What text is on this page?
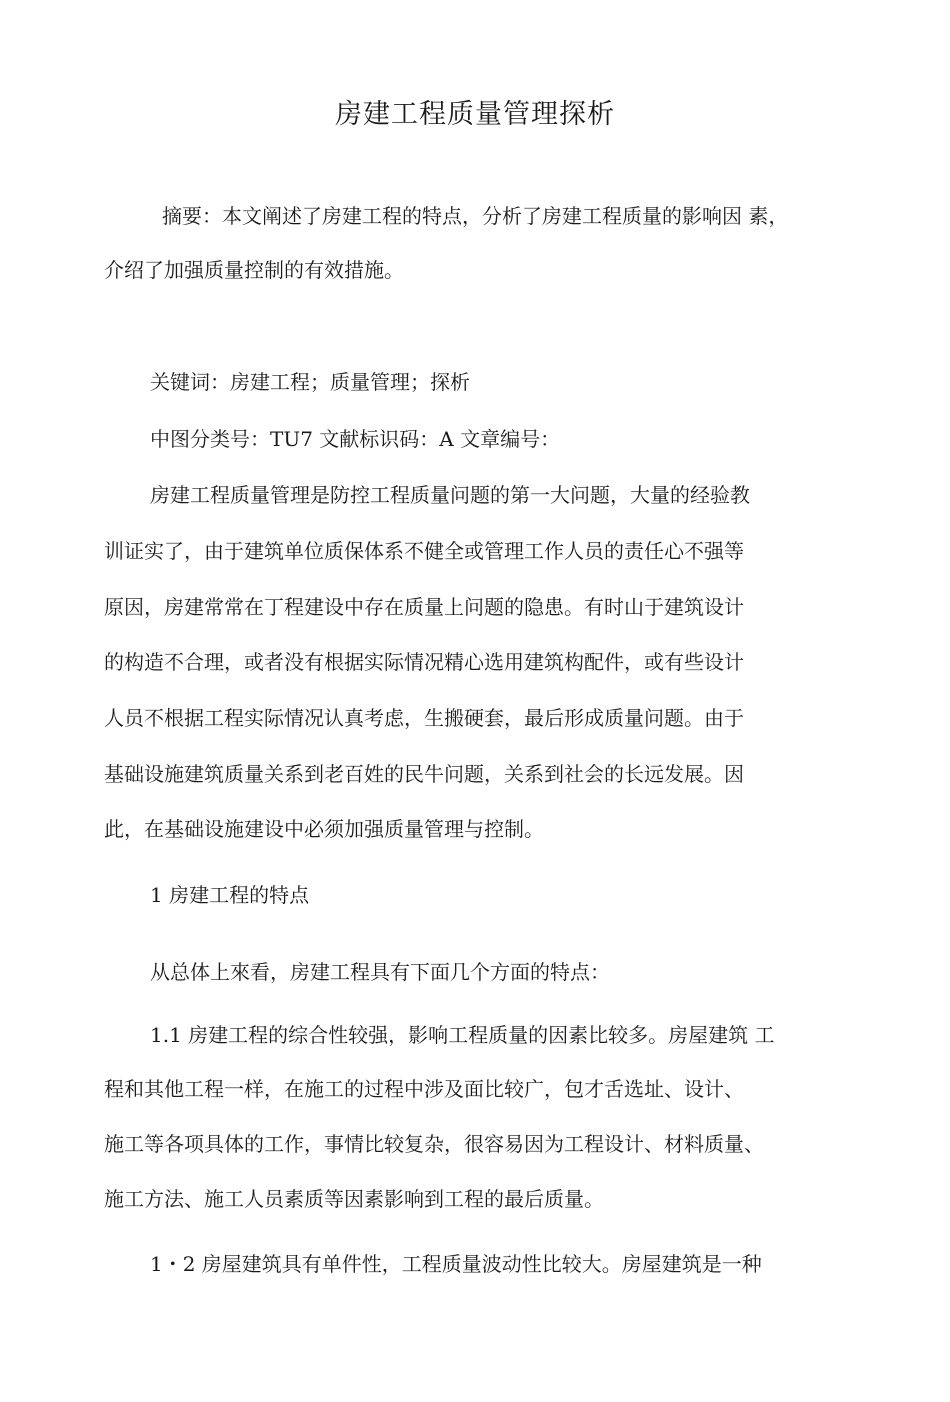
房建工程质量管理探析
摘要：本文阐述了房建工程的特点，分析了房建工程质量的影响因 素，
介绍了加强质量控制的有效措施。
关键词：房建工程；质量管理；探析
中图分类号：TU7 文献标识码：A 文章编号：
房建工程质量管理是防控工程质量问题的第一大问题，大量的经验教
训证实了，由于建筑单位质保体系不健全或管理工作人员的责任心不强等
原因，房建常常在丁程建设中存在质量上问题的隐患。有时山于建筑设计
的构造不合理，或者没有根据实际情况精心选用建筑构配件，或有些设计
人员不根据工程实际情况认真考虑，生搬硬套，最后形成质量问题。由于
基础设施建筑质量关系到老百姓的民牛问题，关系到社会的长远发展。因
此，在基础设施建设中必须加强质量管理与控制。
1 房建工程的特点
从总体上來看，房建工程具有下面几个方面的特点：
1.1 房建工程的综合性较强，影响工程质量的因素比较多。房屋建筑 工
程和其他工程一样，在施工的过程中涉及面比较广，包才舌选址、设计、
施工等各项具体的工作，事情比较复杂，很容易因为工程设计、材料质量、
施工方法、施工人员素质等因素影响到工程的最后质量。
1・2 房屋建筑具有单件性，工程质量波动性比较大。房屋建筑是一种
